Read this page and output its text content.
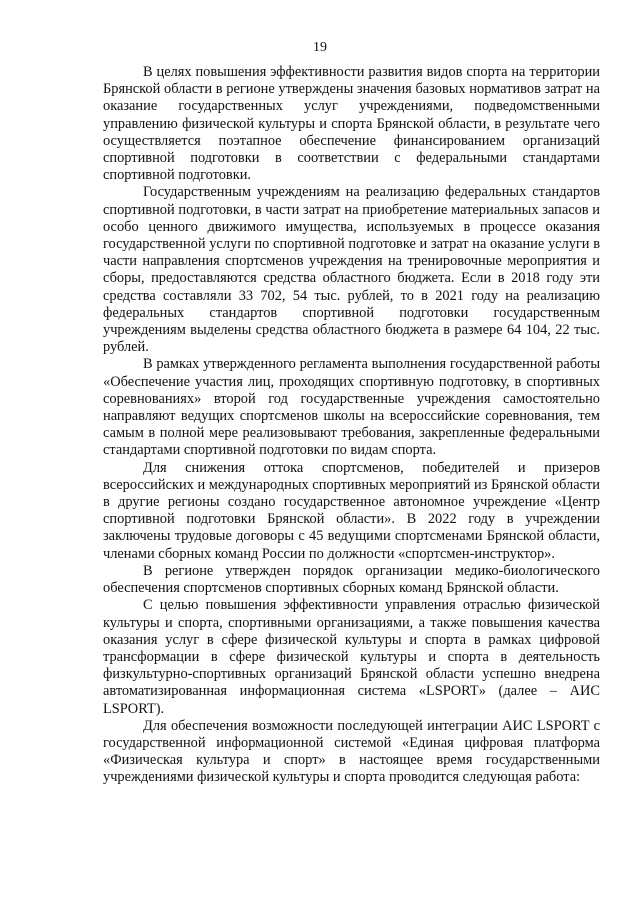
19

В целях повышения эффективности развития видов спорта на территории Брянской области в регионе утверждены значения базовых нормативов затрат на оказание государственных услуг учреждениями, подведомственными управлению физической культуры и спорта Брянской области, в результате чего осуществляется поэтапное обеспечение финансированием организаций спортивной подготовки в соответствии с федеральными стандартами спортивной подготовки.

Государственным учреждениям на реализацию федеральных стандартов спортивной подготовки, в части затрат на приобретение материальных запасов и особо ценного движимого имущества, используемых в процессе оказания государственной услуги по спортивной подготовке и затрат на оказание услуги в части направления спортсменов учреждения на тренировочные мероприятия и сборы, предоставляются средства областного бюджета. Если в 2018 году эти средства составляли 33 702, 54 тыс. рублей, то в 2021 году на реализацию федеральных стандартов спортивной подготовки государственным учреждениям выделены средства областного бюджета в размере 64 104, 22 тыс. рублей.

В рамках утвержденного регламента выполнения государственной работы «Обеспечение участия лиц, проходящих спортивную подготовку, в спортивных соревнованиях» второй год государственные учреждения самостоятельно направляют ведущих спортсменов школы на всероссийские соревнования, тем самым в полной мере реализовывают требования, закрепленные федеральными стандартами спортивной подготовки по видам спорта.

Для снижения оттока спортсменов, победителей и призеров всероссийских и международных спортивных мероприятий из Брянской области в другие регионы создано государственное автономное учреждение «Центр спортивной подготовки Брянской области». В 2022 году в учреждении заключены трудовые договоры с 45 ведущими спортсменами Брянской области, членами сборных команд России по должности «спортсмен-инструктор».

В регионе утвержден порядок организации медико-биологического обеспечения спортсменов спортивных сборных команд Брянской области.

С целью повышения эффективности управления отраслью физической культуры и спорта, спортивными организациями, а также повышения качества оказания услуг в сфере физической культуры и спорта в рамках цифровой трансформации в сфере физической культуры и спорта в деятельность физкультурно-спортивных организаций Брянской области успешно внедрена автоматизированная информационная система «LSPORT» (далее – АИС LSPORT).

Для обеспечения возможности последующей интеграции АИС LSPORT с государственной информационной системой «Единая цифровая платформа «Физическая культура и спорт» в настоящее время государственными учреждениями физической культуры и спорта проводится следующая работа:
